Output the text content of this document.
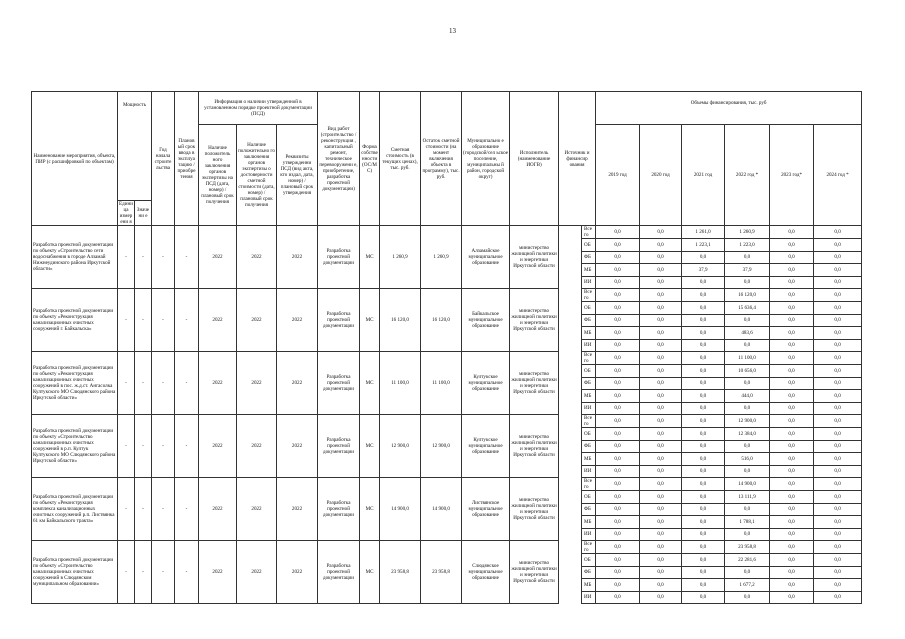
13
Наименование мероприятия, объекта, ПИР (с расшифровкой по объектам)	Мощность		Год начала строите льства	Планов ый срок ввода в эксплуа тацию / приобре тения	Информация о наличии утвержденной в установленном порядке проектной документации (ПСД)			Вид работ (строительство / реконструкция , капитальный ремонт, техническое перевооружени е, приобретение, разработка проектной документации)	Форма собстве нности (ОС/М С)	Сметная стоимость (в текущих ценах), тыс. руб.	Остаток сметной стоимости (на момент включения объекта в программу), тыс. руб.	Муниципально е образование (городской/сел ьское поселение, муниципальны й район, городской округ)	Исполнитель (наименование ИОГВ)	Источник и финансир ования		Объемы финансирования, тыс. руб					
					Наличие положитель ного заключения органов экспертизы на ПСД (дата, номер) / плановый срок получения	Наличие положительно го заключения органов экспертизы о достоверности сметной стоимости (дата, номер) / плановый срок получения	Реквизиты утвержденни ПСД (вид акта, кто издал, дата, номер) / плановый срок утверждения									2019 год	2020 год	2021 год	2022 год *	2023 год*	2024 год *
	Единица измерени я	Значени е																			
Разработка проектной документации по объекту «Строительство сети водоснабжения в городе Алзамай Нижнеудинского района Иркутской области»	-	-	-	-	2022	2022	2022	Разработка проектной документации	МС	1 260,9	1 260,9	Алзамайское муниципальное образование	министерство жилищной политики и энергетики Иркутской области		Всего	0,0	0,0	1 261,0	1 260,9	0,0	0,0
															ОБ	0,0	0,0	1 223,1	1 223,0	0,0	0,0
															ФБ	0,0	0,0	0,0	0,0	0,0	0,0
															МБ	0,0	0,0	37,9	37,9	0,0	0,0
															ИИ	0,0	0,0	0,0	0,0	0,0	0,0
Разработка проектной документации по объекту «Реконструкция канализационных очистных сооружений г. Байкальска»	-	-	-	-	2022	2022	2022	Разработка проектной документации	МС	16 120,0	16 120,0	Байкальское муниципальное образование	министерство жилищной политики и энергетики Иркутской области		Всего	0,0	0,0	0,0	16 120,0	0,0	0,0
															ОБ	0,0	0,0	0,0	15 636,4	0,0	0,0
															ФБ	0,0	0,0	0,0	0,0	0,0	0,0
															МБ	0,0	0,0	0,0	483,6	0,0	0,0
															ИИ	0,0	0,0	0,0	0,0	0,0	0,0
Разработка проектной документации по объекту «Реконструкция канализационных очистных сооружений в пос. ж.д.ст. Ангасолка Култукского МО Слюдянского района Иркутской области»	-	-	-	-	2022	2022	2022	Разработка проектной документации	МС	11 100,0	11 100,0	Култукское муниципальное образование	министерство жилищной политики и энергетики Иркутской области		Всего	0,0	0,0	0,0	11 100,0	0,0	0,0
															ОБ	0,0	0,0	0,0	10 656,0	0,0	0,0
															ФБ	0,0	0,0	0,0	0,0	0,0	0,0
															МБ	0,0	0,0	0,0	444,0	0,0	0,0
															ИИ	0,0	0,0	0,0	0,0	0,0	0,0
Разработка проектной документации по объекту «Строительство канализационных очистных сооружений в р.п. Култук Култукского МО Слюдянского района Иркутской области»	-	-	-	-	2022	2022	2022	Разработка проектной документации	МС	12 900,0	12 900,0	Култукское муниципальное образование	министерство жилищной политики и энергетики Иркутской области		Всего	0,0	0,0	0,0	12 900,0	0,0	0,0
															ОБ	0,0	0,0	0,0	12 384,0	0,0	0,0
															ФБ	0,0	0,0	0,0	0,0	0,0	0,0
															МБ	0,0	0,0	0,0	516,0	0,0	0,0
															ИИ	0,0	0,0	0,0	0,0	0,0	0,0
Разработка проектной документации по объекту «Реконструкция комплекса канализационных очистных сооружений р.п. Листвянка 61 км Байкальского тракта»	-	-	-	-	2022	2022	2022	Разработка проектной документации	МС	14 900,0	14 900,0	Листвянское муниципальное образование	министерство жилищной политики и энергетики Иркутской области		Всего	0,0	0,0	0,0	14 900,0	0,0	0,0
															ОБ	0,0	0,0	0,0	13 111,9	0,0	0,0
															ФБ	0,0	0,0	0,0	0,0	0,0	0,0
															МБ	0,0	0,0	0,0	1 788,1	0,0	0,0
															ИИ	0,0	0,0	0,0	0,0	0,0	0,0
Разработка проектной документации по объекту «Строительство канализационных очистных сооружений в Слюдянском муниципальном образовании»	-	-	-	-	2022	2022	2022	Разработка проектной документации	МС	23 958,8	23 958,8	Слюдянское муниципальное образование	министерство жилищной политики и энергетики Иркутской области		Всего	0,0	0,0	0,0	23 958,8	0,0	0,0
															ОБ	0,0	0,0	0,0	22 281,6	0,0	0,0
															ФБ	0,0	0,0	0,0	0,0	0,0	0,0
															МБ	0,0	0,0	0,0	1 677,2	0,0	0,0
															ИИ	0,0	0,0	0,0	0,0	0,0	0,0
